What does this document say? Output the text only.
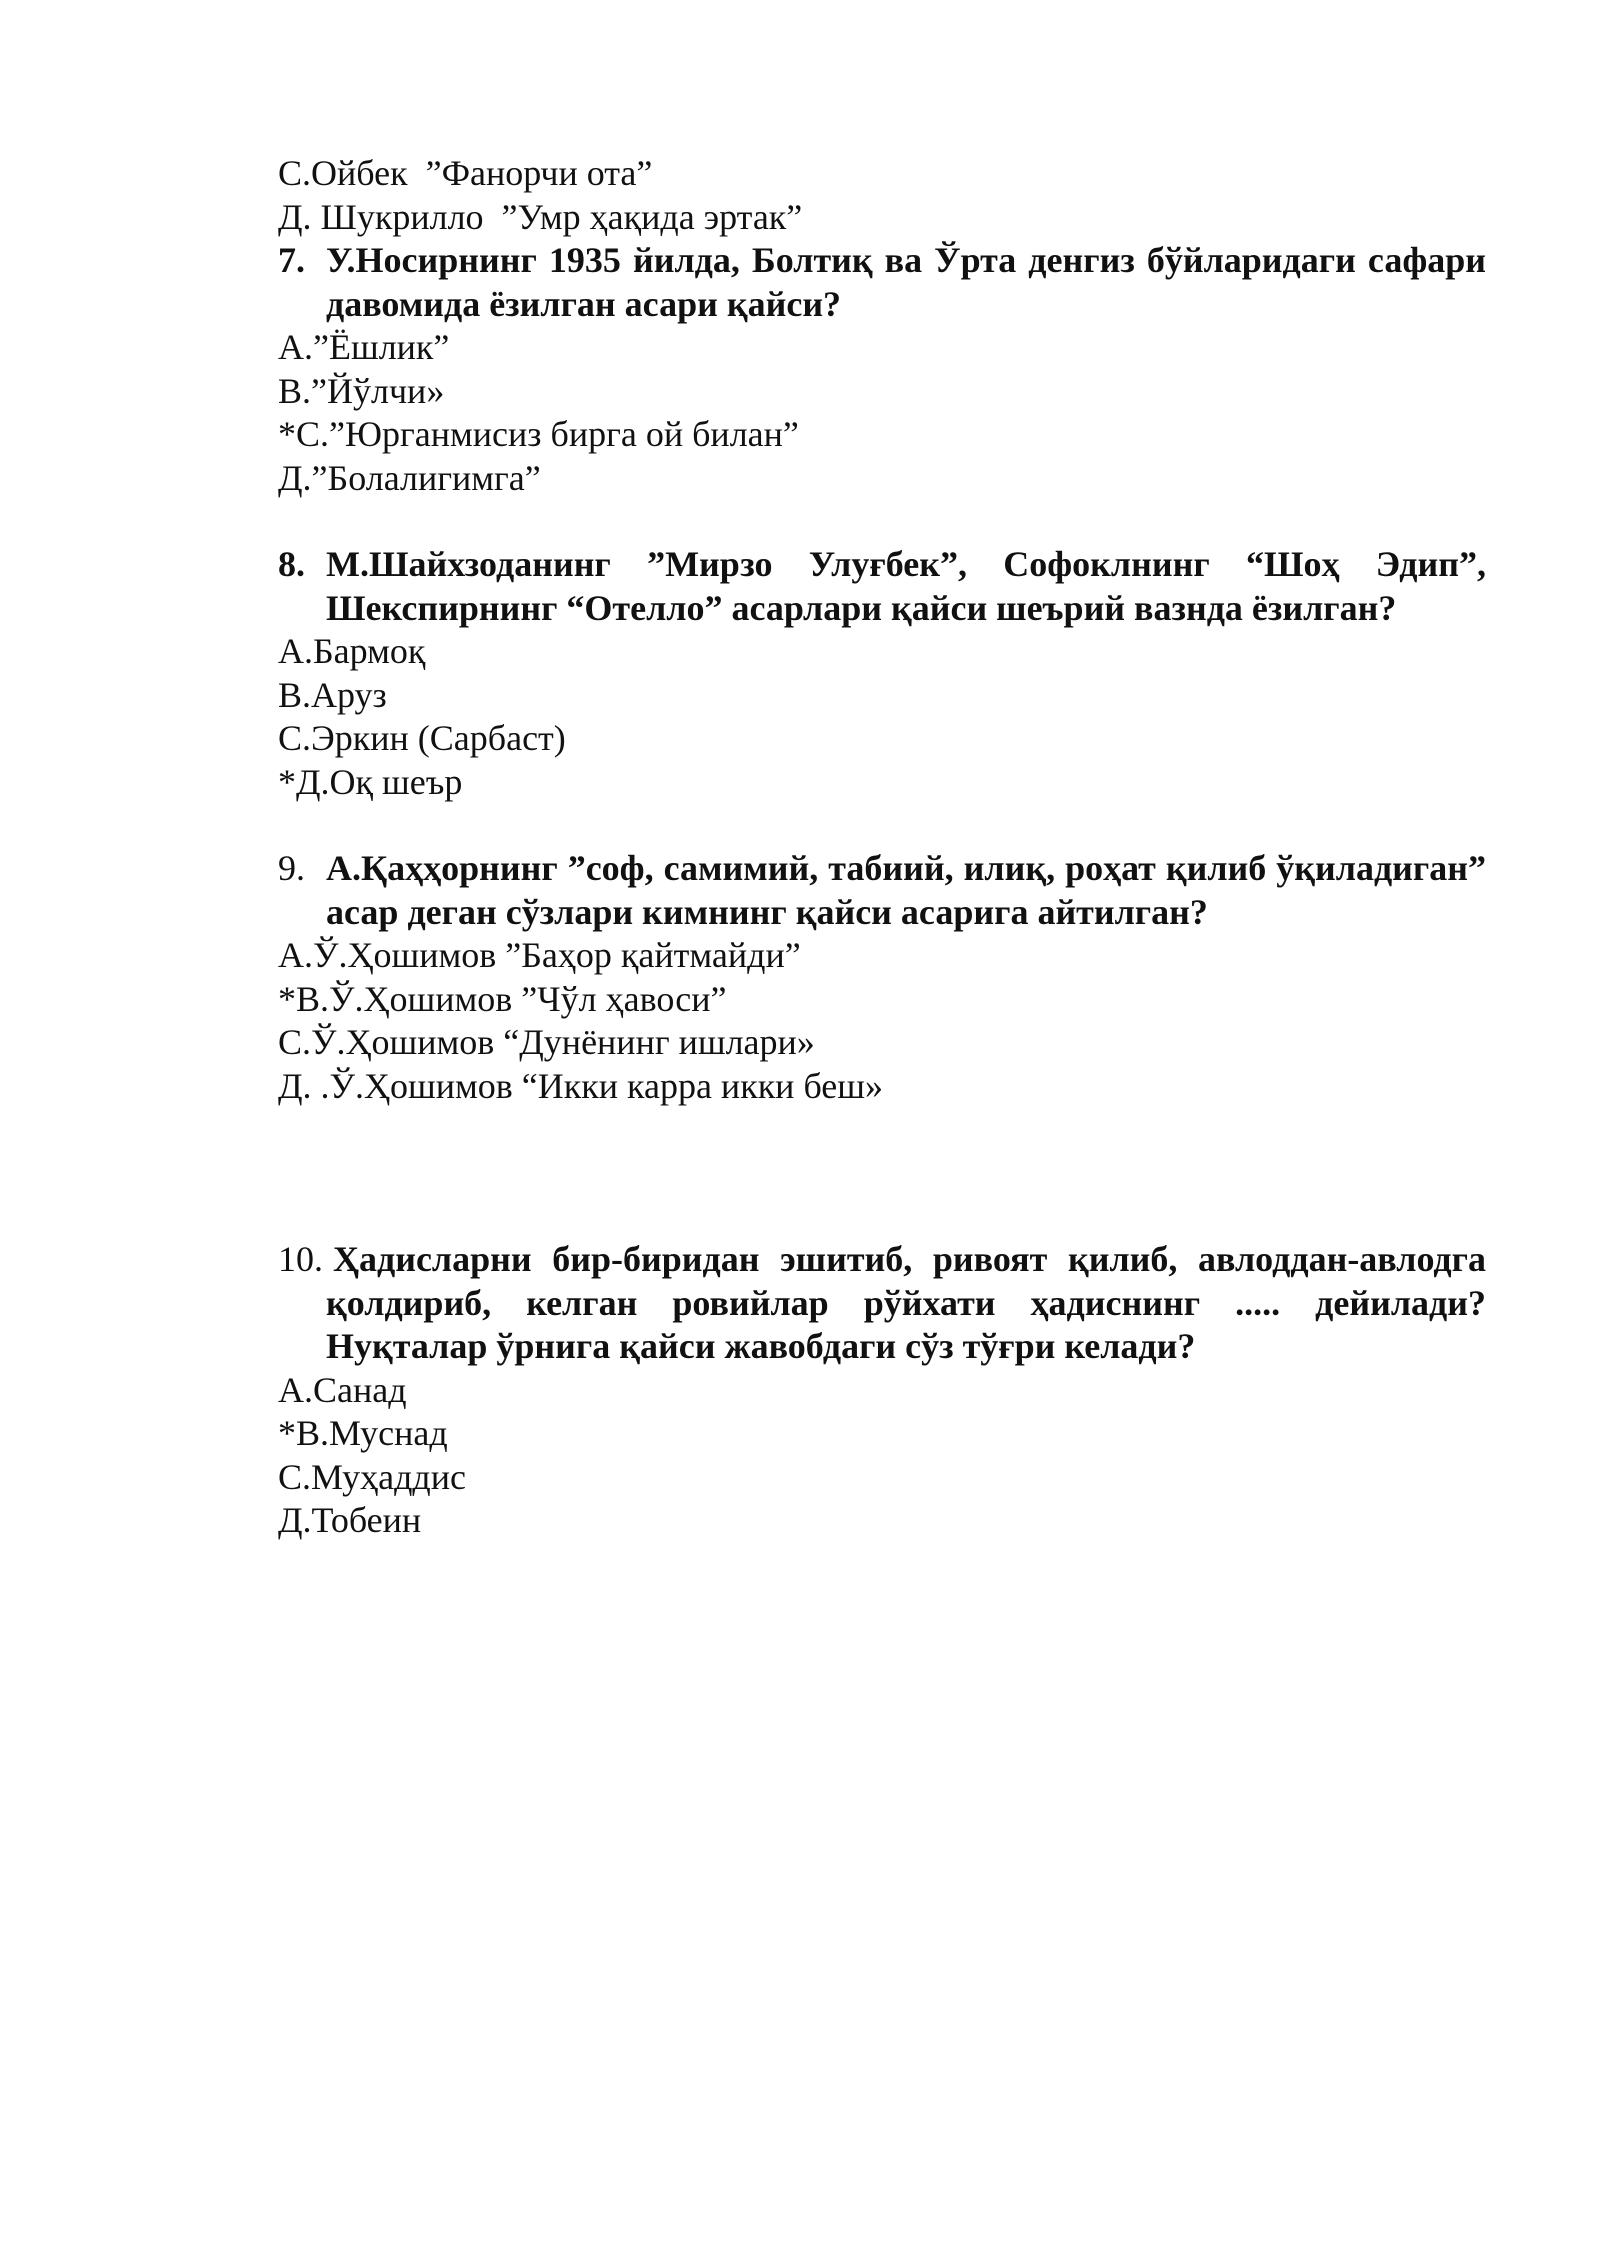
С.Ойбек  ”Фанорчи ота”
Д. Шукрилло  ”Умр ҳақида эртак”
7. У.Носирнинг 1935 йилда, Болтиқ ва Ўрта денгиз бўйларидаги сафари давомида ёзилган асари қайси?
А.”Ёшлик”
В.”Йўлчи»
*С.”Юрганмисиз бирга ой билан”
Д.”Болалигимга”
8. М.Шайхзоданинг ”Мирзо Улуғбек”, Софоклнинг “Шоҳ Эдип”, Шекспирнинг “Отелло” асарлари қайси шеърий вазнда ёзилган?
А.Бармоқ
В.Аруз
С.Эркин (Сарбаст)
*Д.Оқ шеър
9. А.Қаҳҳорнинг ”соф, самимий, табиий, илиқ, роҳат қилиб ўқиладиган” асар деган сўзлари кимнинг қайси асарига айтилган?
А.Ў.Ҳошимов ”Баҳор қайтмайди”
*В.Ў.Ҳошимов ”Чўл ҳавоси”
С.Ў.Ҳошимов “Дунёнинг ишлари»
Д. .Ў.Ҳошимов “Икки карра икки беш»
10. Ҳадисларни бир-биридан эшитиб, ривоят қилиб, авлоддан-авлодга қолдириб, келган ровийлар рўйхати ҳадиснинг ..... дейилади? Нуқталар ўрнига қайси жавобдаги сўз тўғри келади?
А.Санад
*В.Муснад
С.Муҳаддис
Д.Тобеин
